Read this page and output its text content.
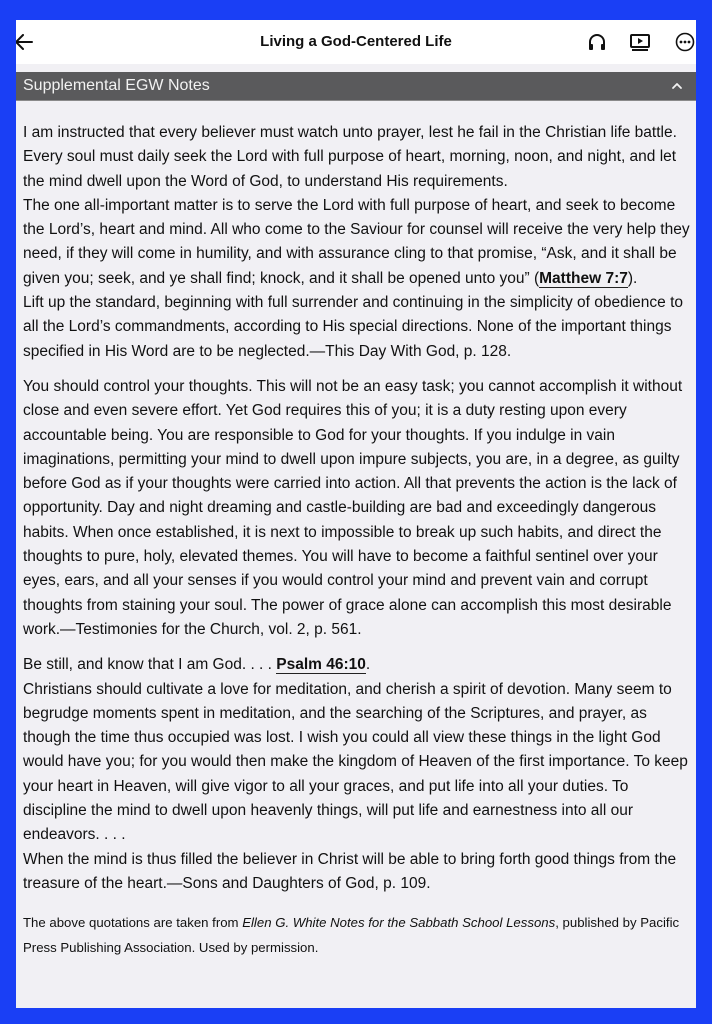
Living a God-Centered Life
Supplemental EGW Notes
I am instructed that every believer must watch unto prayer, lest he fail in the Christian life battle. Every soul must daily seek the Lord with full purpose of heart, morning, noon, and night, and let the mind dwell upon the Word of God, to understand His requirements.
The one all-important matter is to serve the Lord with full purpose of heart, and seek to become the Lord’s, heart and mind. All who come to the Saviour for counsel will receive the very help they need, if they will come in humility, and with assurance cling to that promise, “Ask, and it shall be given you; seek, and ye shall find; knock, and it shall be opened unto you” (Matthew 7:7).
Lift up the standard, beginning with full surrender and continuing in the simplicity of obedience to all the Lord’s commandments, according to His special directions. None of the important things specified in His Word are to be neglected.—This Day With God, p. 128.
You should control your thoughts. This will not be an easy task; you cannot accomplish it without close and even severe effort. Yet God requires this of you; it is a duty resting upon every accountable being. You are responsible to God for your thoughts. If you indulge in vain imaginations, permitting your mind to dwell upon impure subjects, you are, in a degree, as guilty before God as if your thoughts were carried into action. All that prevents the action is the lack of opportunity. Day and night dreaming and castle-building are bad and exceedingly dangerous habits. When once established, it is next to impossible to break up such habits, and direct the thoughts to pure, holy, elevated themes. You will have to become a faithful sentinel over your eyes, ears, and all your senses if you would control your mind and prevent vain and corrupt thoughts from staining your soul. The power of grace alone can accomplish this most desirable work.—Testimonies for the Church, vol. 2, p. 561.
Be still, and know that I am God. . . . Psalm 46:10.
Christians should cultivate a love for meditation, and cherish a spirit of devotion. Many seem to begrudge moments spent in meditation, and the searching of the Scriptures, and prayer, as though the time thus occupied was lost. I wish you could all view these things in the light God would have you; for you would then make the kingdom of Heaven of the first importance. To keep your heart in Heaven, will give vigor to all your graces, and put life into all your duties. To discipline the mind to dwell upon heavenly things, will put life and earnestness into all our endeavors. . . .
When the mind is thus filled the believer in Christ will be able to bring forth good things from the treasure of the heart.—Sons and Daughters of God, p. 109.
The above quotations are taken from Ellen G. White Notes for the Sabbath School Lessons, published by Pacific Press Publishing Association. Used by permission.
